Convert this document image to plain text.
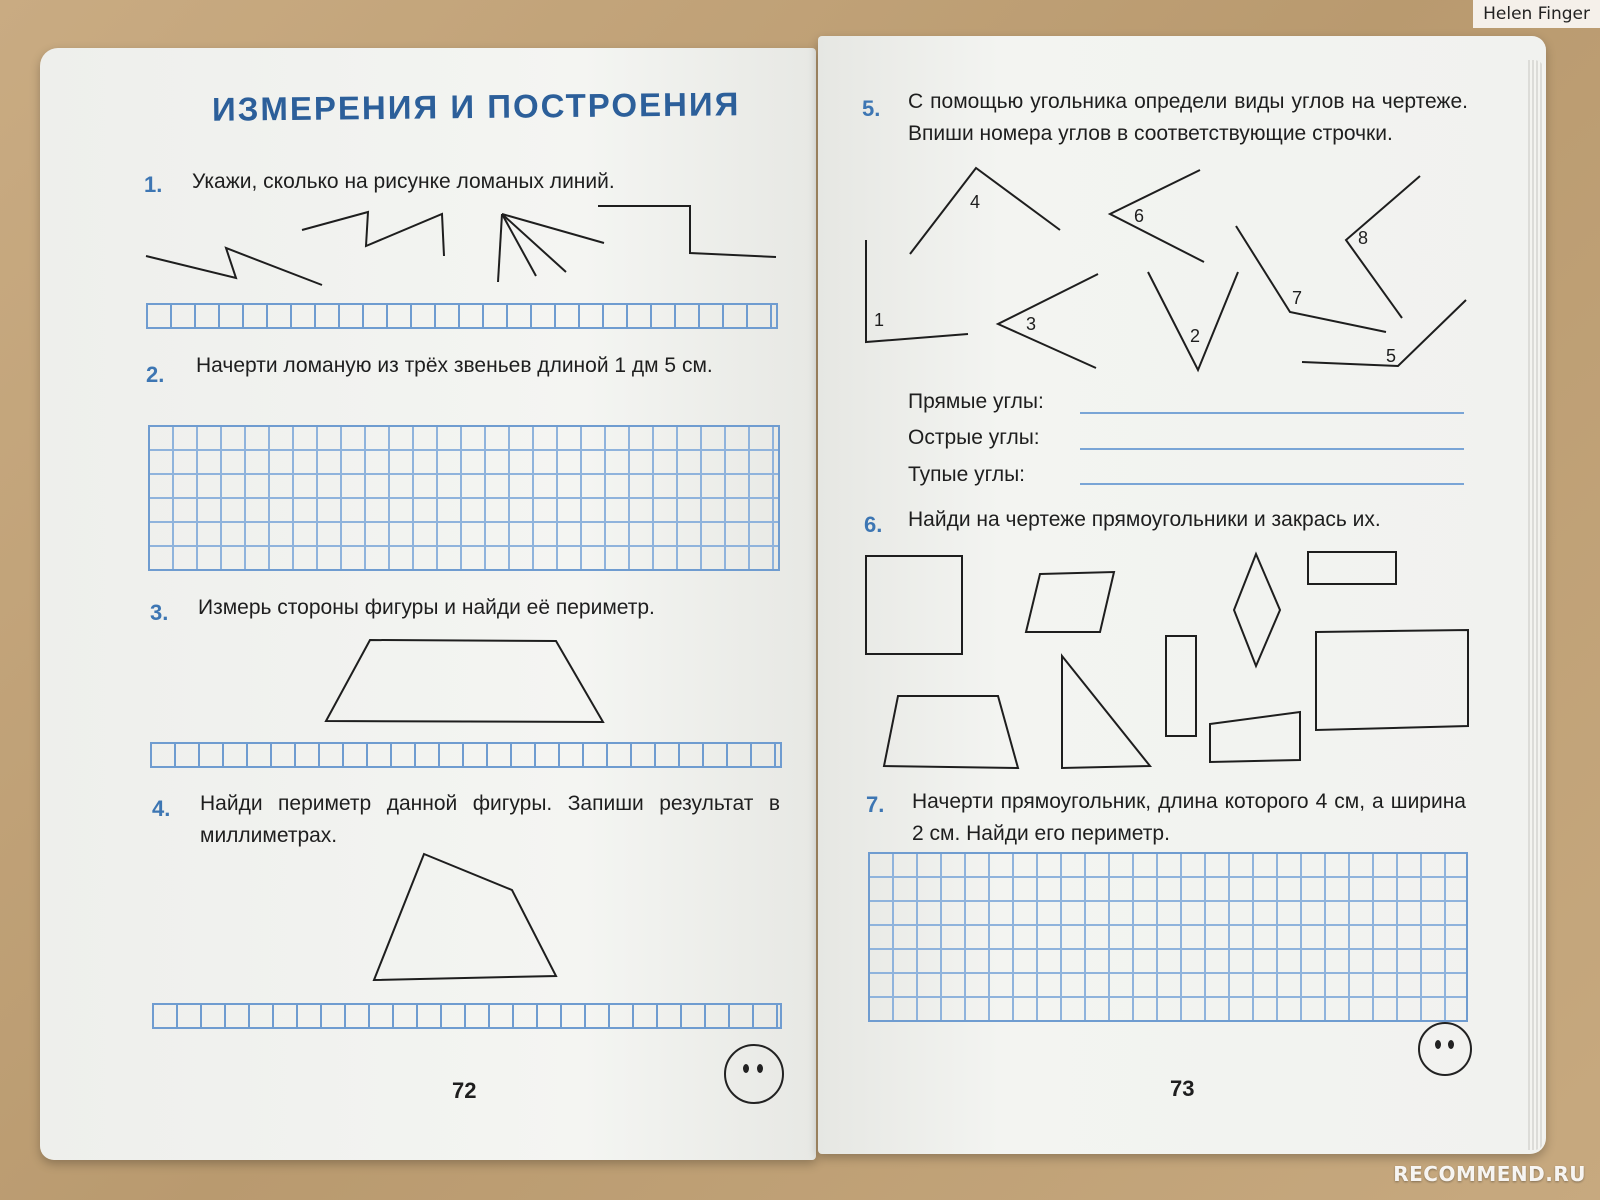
ИЗМЕРЕНИЯ И ПОСТРОЕНИЯ
1. Укажи, сколько на рисунке ломаных линий.
2. Начерти ломаную из трёх звеньев длиной 1 дм 5 см.
3. Измерь стороны фигуры и найди её периметр.
4. Найди периметр данной фигуры. Запиши результат в миллиметрах.
72
5. С помощью угольника определи виды углов на чертеже. Впиши номера углов в соответствующие строчки.
1
2
3
4
5
6
7
8
Прямые углы:
Острые углы:
Тупые углы:
6. Найди на чертеже прямоугольники и закрась их.
7. Начерти прямоугольник, длина которого 4 см, а ширина 2 см. Найди его периметр.
73
Helen Finger
RECOMMEND.RU
